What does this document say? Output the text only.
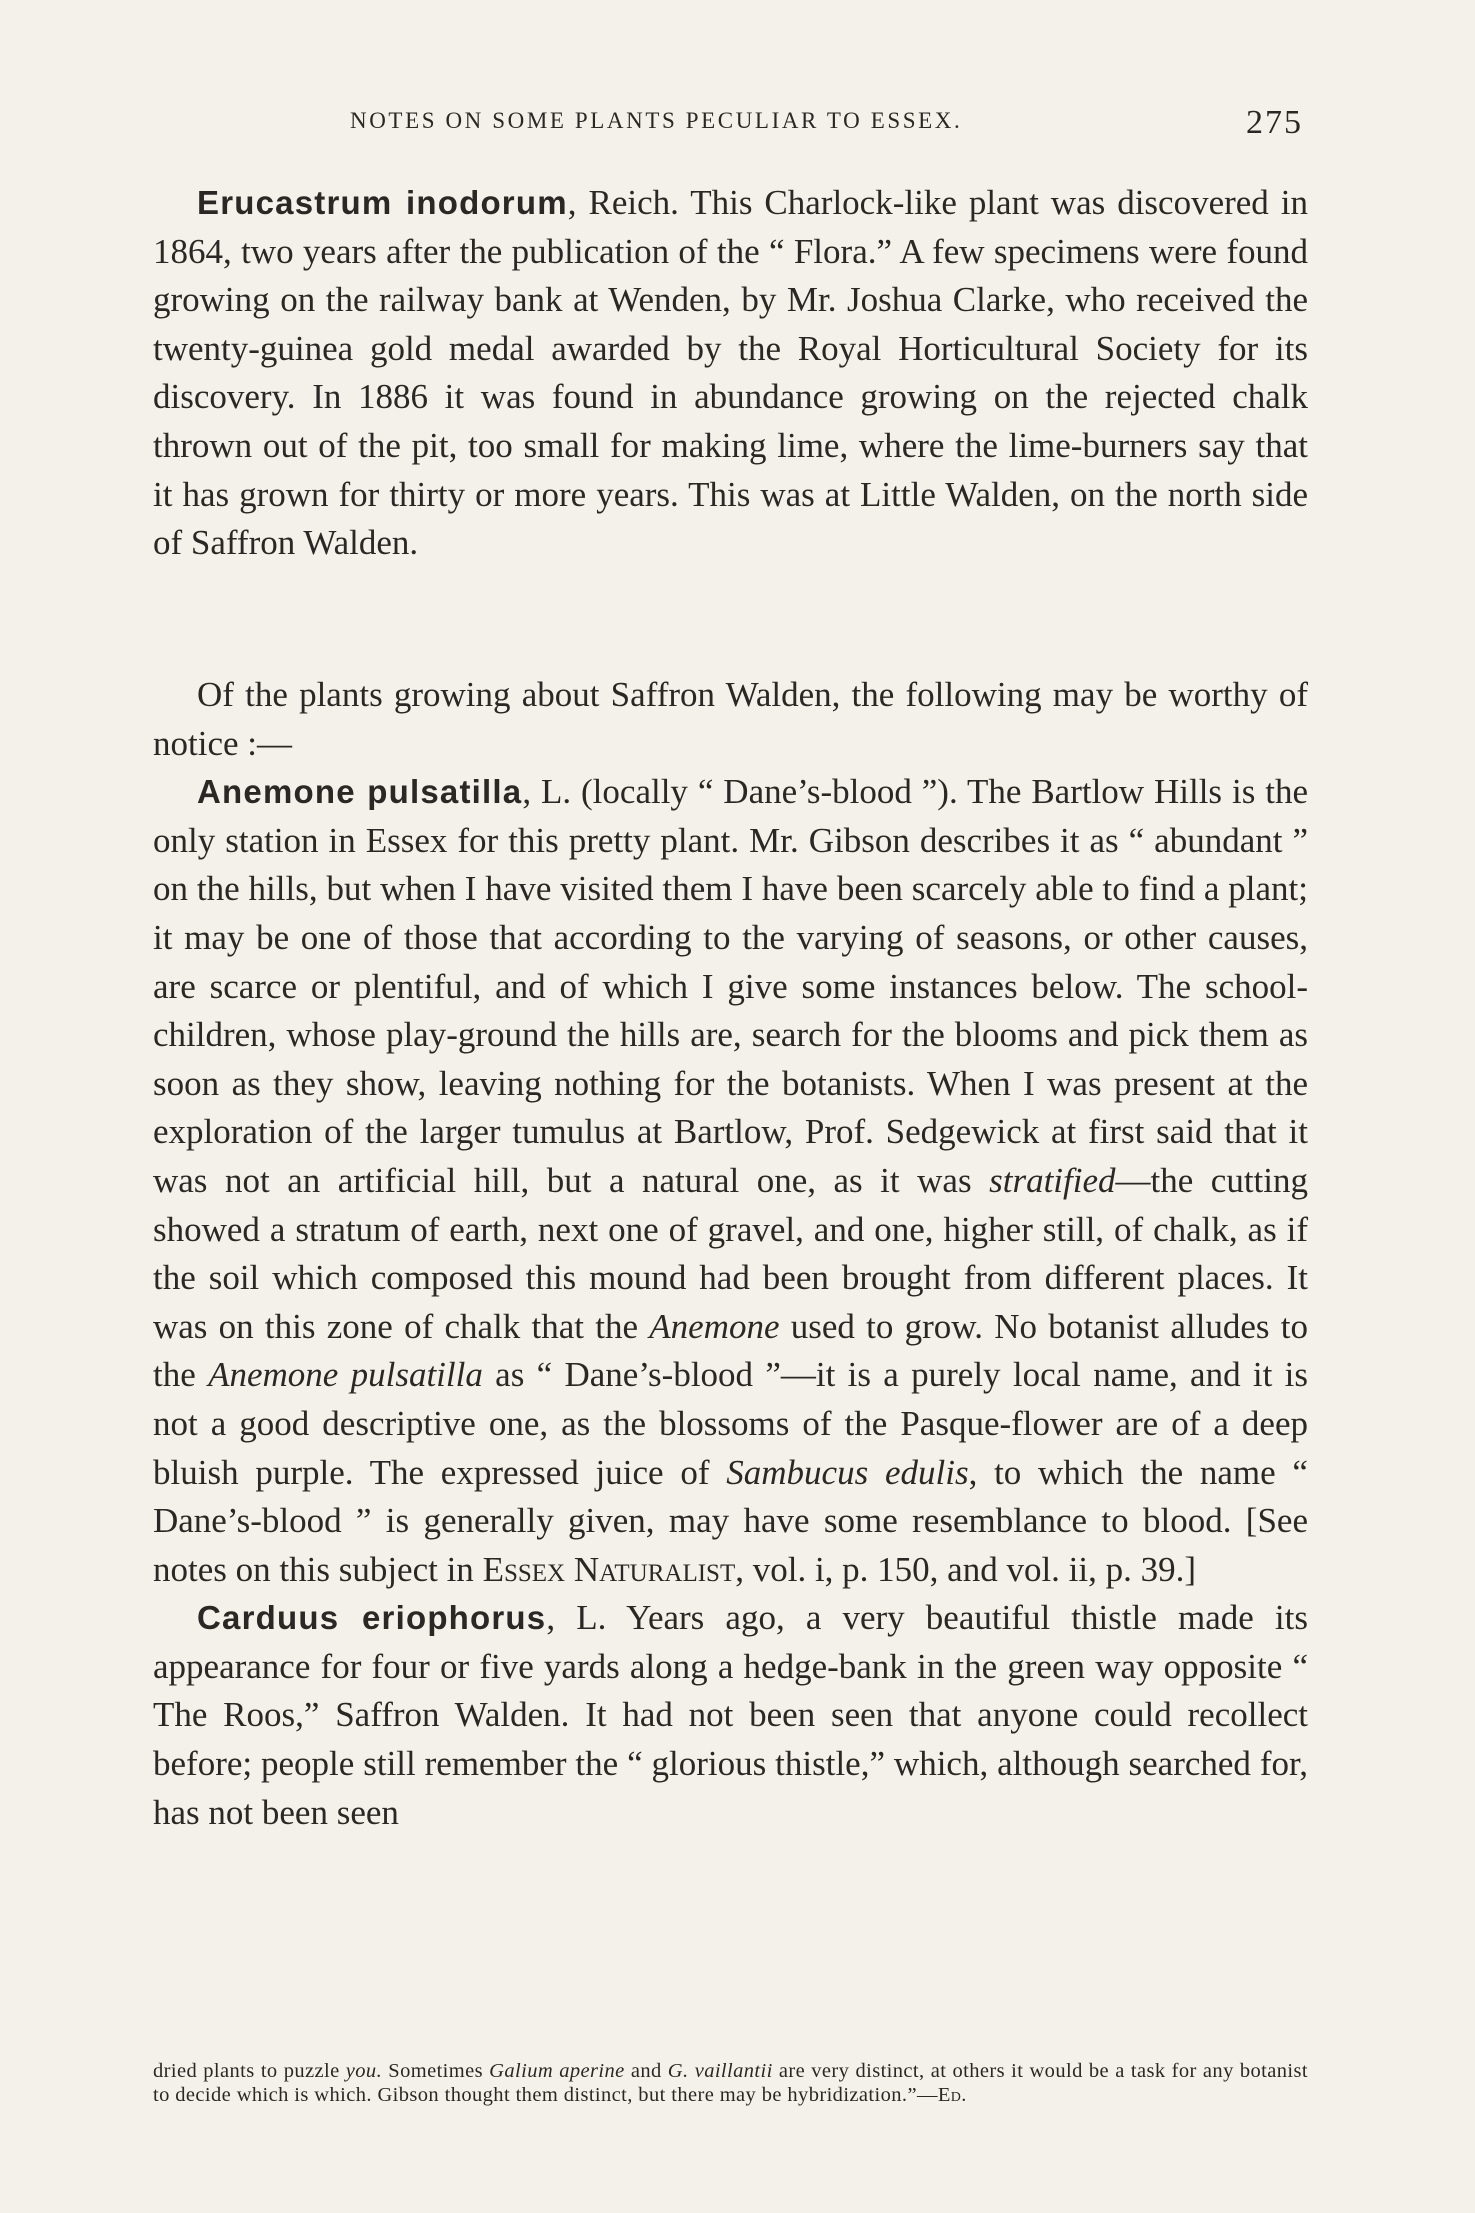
NOTES ON SOME PLANTS PECULIAR TO ESSEX.	275

Erucastrum inodorum, Reich. This Charlock-like plant was discovered in 1864, two years after the publication of the “ Flora.” A few specimens were found growing on the railway bank at Wenden, by Mr. Joshua Clarke, who received the twenty-guinea gold medal awarded by the Royal Horticultural Society for its discovery. In 1886 it was found in abundance growing on the rejected chalk thrown out of the pit, too small for making lime, where the lime-burners say that it has grown for thirty or more years. This was at Little Walden, on the north side of Saffron Walden.

Of the plants growing about Saffron Walden, the following may be worthy of notice :—

Anemone pulsatilla, L. (locally “ Dane’s-blood ”). The Bartlow Hills is the only station in Essex for this pretty plant. Mr. Gibson describes it as “ abundant ” on the hills, but when I have visited them I have been scarcely able to find a plant; it may be one of those that according to the varying of seasons, or other causes, are scarce or plentiful, and of which I give some instances below. The school-children, whose play-ground the hills are, search for the blooms and pick them as soon as they show, leaving nothing for the botanists. When I was present at the exploration of the larger tumulus at Bartlow, Prof. Sedgewick at first said that it was not an artificial hill, but a natural one, as it was stratified—the cutting showed a stratum of earth, next one of gravel, and one, higher still, of chalk, as if the soil which composed this mound had been brought from different places. It was on this zone of chalk that the Anemone used to grow. No botanist alludes to the Anemone pulsatilla as “ Dane’s-blood ”—it is a purely local name, and it is not a good descriptive one, as the blossoms of the Pasque-flower are of a deep bluish purple. The expressed juice of Sambucus edulis, to which the name “ Dane’s-blood ” is generally given, may have some resemblance to blood. [See notes on this subject in Essex Naturalist, vol. i, p. 150, and vol. ii, p. 39.]

Carduus eriophorus, L. Years ago, a very beautiful thistle made its appearance for four or five yards along a hedge-bank in the green way opposite “ The Roos,” Saffron Walden. It had not been seen that anyone could recollect before; people still remember the “ glorious thistle,” which, although searched for, has not been seen

dried plants to puzzle you. Sometimes Galium aperine and G. vaillantii are very distinct, at others it would be a task for any botanist to decide which is which. Gibson thought them distinct, but there may be hybridization.”—Ed.
